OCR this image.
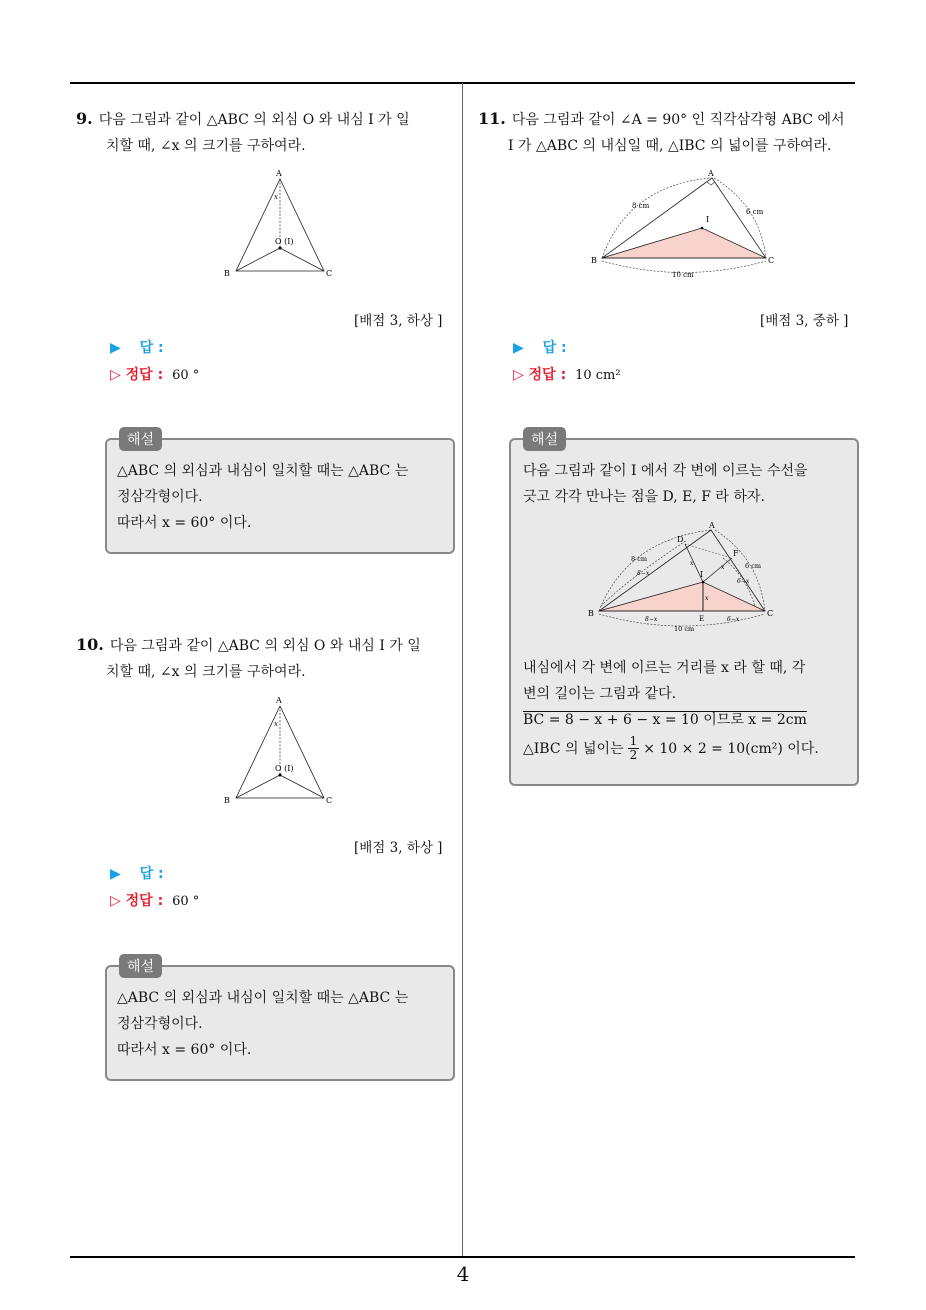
9. 다음 그림과 같이 △ABC 의 외심 O 와 내심 I 가 일
치할 때, ∠x 의 크기를 구하여라.
A
x
O (I)
B	C
[배점 3, 하상 ]
▶ 답 :
▷ 정답 : 60 °
해설
△ABC 의 외심과 내심이 일치할 때는 △ABC 는
정삼각형이다.
따라서 x = 60° 이다.
10. 다음 그림과 같이 △ABC 의 외심 O 와 내심 I 가 일
치할 때, ∠x 의 크기를 구하여라.
A
x
O (I)
B	C
[배점 3, 하상 ]
▶ 답 :
▷ 정답 : 60 °
해설
△ABC 의 외심과 내심이 일치할 때는 △ABC 는
정삼각형이다.
따라서 x = 60° 이다.
11. 다음 그림과 같이 ∠A = 90° 인 직각삼각형 ABC 에서
I 가 △ABC 의 내심일 때, △IBC 의 넓이를 구하여라.
A
I
B	C
8 cm
6 cm
10 cm
[배점 3, 중하 ]
▶ 답 :
▷ 정답 : 10 cm²
해설
다음 그림과 같이 I 에서 각 변에 이르는 수선을
긋고 각각 만나는 점을 D, E, F 라 하자.
A
B	C
I
D
E
F
8 cm
8−x
8−x
6 cm
6−x
6−x
10 cm
x
x
x
내심에서 각 변에 이르는 거리를 x 라 할 때, 각
변의 길이는 그림과 같다.
BC = 8 − x + 6 − x = 10 이므로 x = 2cm
△IBC 의 넓이는 $\frac{1}{2} \times 10 \times 2 = 10(cm^2)$ 이다.
4
